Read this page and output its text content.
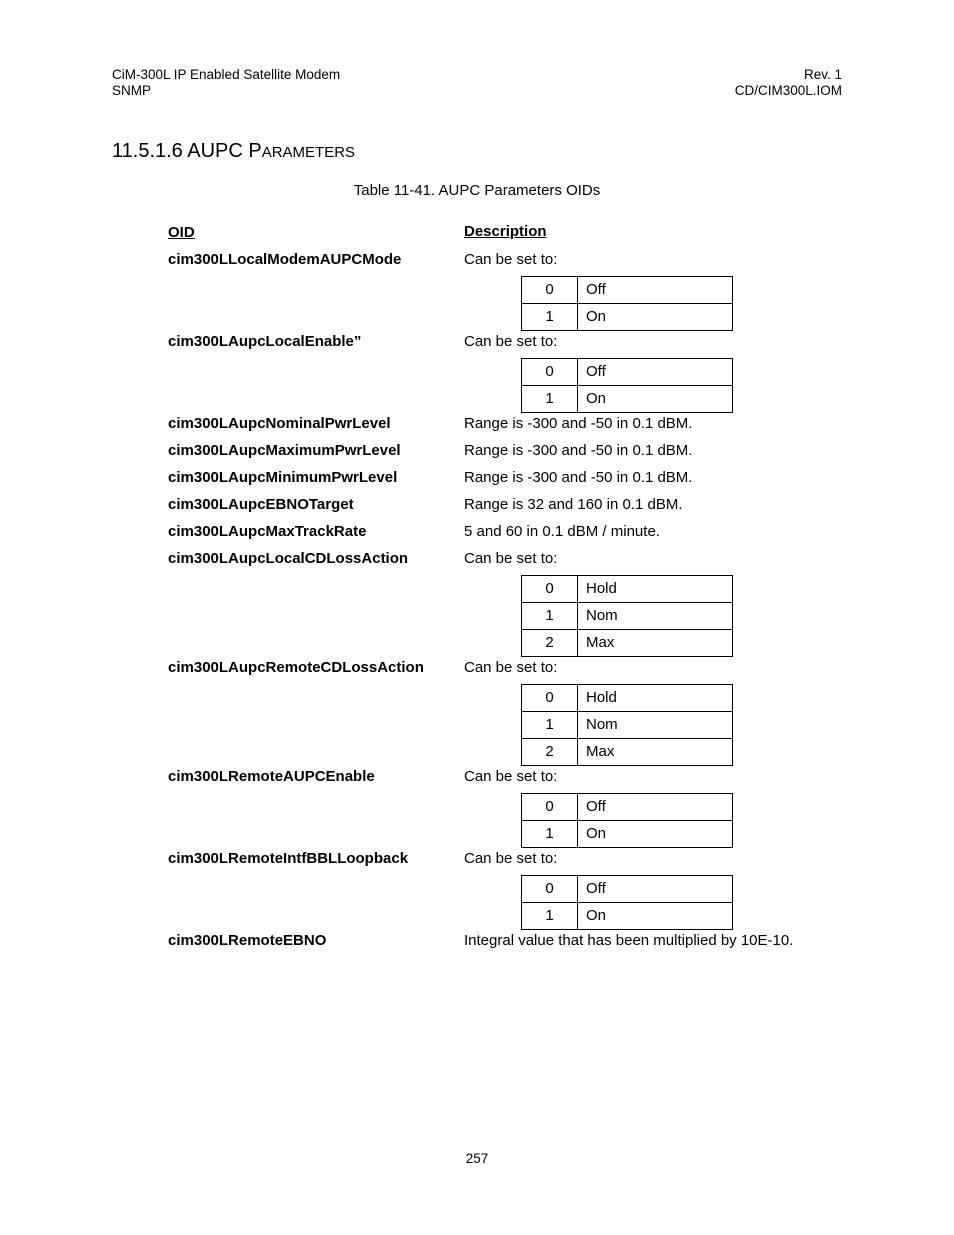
CiM-300L IP Enabled Satellite Modem
SNMP
Rev. 1
CD/CIM300L.IOM
11.5.1.6 AUPC PARAMETERS
Table 11-41. AUPC Parameters OIDs
OID	Description
cim300LLocalModemAUPCMode	Can be set to:
0	Off
1	On
cim300LAupcLocalEnable”	Can be set to:
0	Off
1	On
cim300LAupcNominalPwrLevel	Range is -300 and -50 in 0.1 dBM.
cim300LAupcMaximumPwrLevel	Range is -300 and -50 in 0.1 dBM.
cim300LAupcMinimumPwrLevel	Range is -300 and -50 in 0.1 dBM.
cim300LAupcEBNOTarget	Range is 32 and 160 in 0.1 dBM.
cim300LAupcMaxTrackRate	5 and 60 in 0.1 dBM / minute.
cim300LAupcLocalCDLossAction	Can be set to:
0	Hold
1	Nom
2	Max
cim300LAupcRemoteCDLossAction	Can be set to:
0	Hold
1	Nom
2	Max
cim300LRemoteAUPCEnable	Can be set to:
0	Off
1	On
cim300LRemoteIntfBBLLoopback	Can be set to:
0	Off
1	On
cim300LRemoteEBNO	Integral value that has been multiplied by 10E-10.
257
